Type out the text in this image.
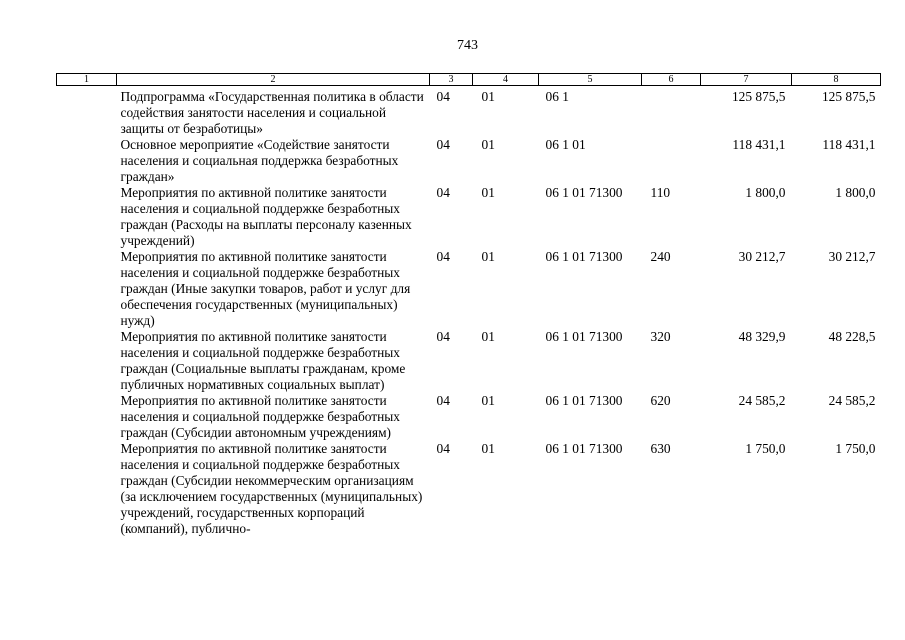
743
1	2	3	4	5	6	7	8
	Подпрограмма «Государственная политика в области содействия занятости населения и социальной защиты от безработицы»	04	01	06 1		125 875,5	125 875,5
	Основное мероприятие «Содействие занятости населения и социальная поддержка безработных граждан»	04	01	06 1 01		118 431,1	118 431,1
	Мероприятия по активной политике занятости населения и социальной поддержке безработных граждан (Расходы на выплаты персоналу казенных учреждений)	04	01	06 1 01 71300	110	1 800,0	1 800,0
	Мероприятия по активной политике занятости населения и социальной поддержке безработных граждан (Иные закупки товаров, работ и услуг для обеспечения государственных (муниципальных) нужд)	04	01	06 1 01 71300	240	30 212,7	30 212,7
	Мероприятия по активной политике занятости населения и социальной поддержке безработных граждан (Социальные выплаты гражданам, кроме публичных нормативных социальных выплат)	04	01	06 1 01 71300	320	48 329,9	48 228,5
	Мероприятия по активной политике занятости населения и социальной поддержке безработных граждан (Субсидии автономным учреждениям)	04	01	06 1 01 71300	620	24 585,2	24 585,2
	Мероприятия по активной политике занятости населения и социальной поддержке безработных граждан (Субсидии некоммерческим организациям (за исключением государственных (муниципальных) учреждений, государственных корпораций (компаний), публично-	04	01	06 1 01 71300	630	1 750,0	1 750,0
